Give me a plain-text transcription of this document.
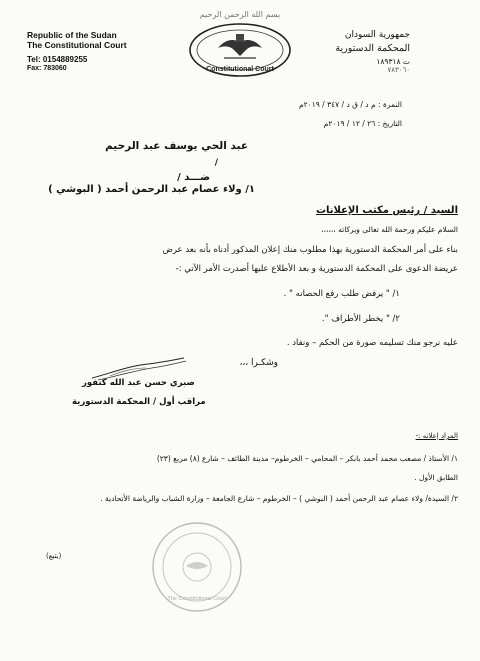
بسم الله الرحمن الرحيم
Republic of the Sudan
The Constitutional Court
Tel: 0154889255
Fax: 783060
جمهورية السودان
المحكمة الدستورية
ت ١٨٩٣١٨
٧٨٣٠٦٠
Constitutional Court
النمرة : م د / ق د / ٣٤٧ / ٢٠١٩م
التاريخ : ٢٦ / ١٢ / ٢٠١٩م
عبد الحي يوسف عبد الرحيم
/
ضـــد /
١/ ولاء عصام عبد الرحمن أحمد ( البوشي )
السيد / رئيس مكتب الإعلانات
السلام عليكم ورحمة الله تعالى وبركاته ،،،،،،
بناء على أمر المحكمة الدستورية بهذا مطلوب منك إعلان المذكور أدناه بأنه بعد عرض
عريضة الدعوى على المحكمة الدستورية و بعد الأطلاع عليها أصدرت الأمر الآتي :-
١/ " يرفض طلب رفع الحصانه " .
٢/ " يخطر الأطراف ".
عليه نرجو منك تسليمه صورة من الحكم – ونفاد .
وشكـرا ،،،
صبري حسن عبد الله كنفور
مراقب أول / المحكمة الدستورية
المراد إعلانه :-
١/ الأستاذ / مصعب محمد أحمد بابكر – المحامي – الخرطوم– مدينة الطائف – شارع (٨) مربع (٢٣)
الطابق الأول .
٢/ السيدة/ ولاء عصام عبد الرحمن أحمد ( البوشي ) – الخرطوم – شارع الجامعة – وزارة الشباب والرياضة الأتحادية .
The Constitutional Court
(يتبع)
